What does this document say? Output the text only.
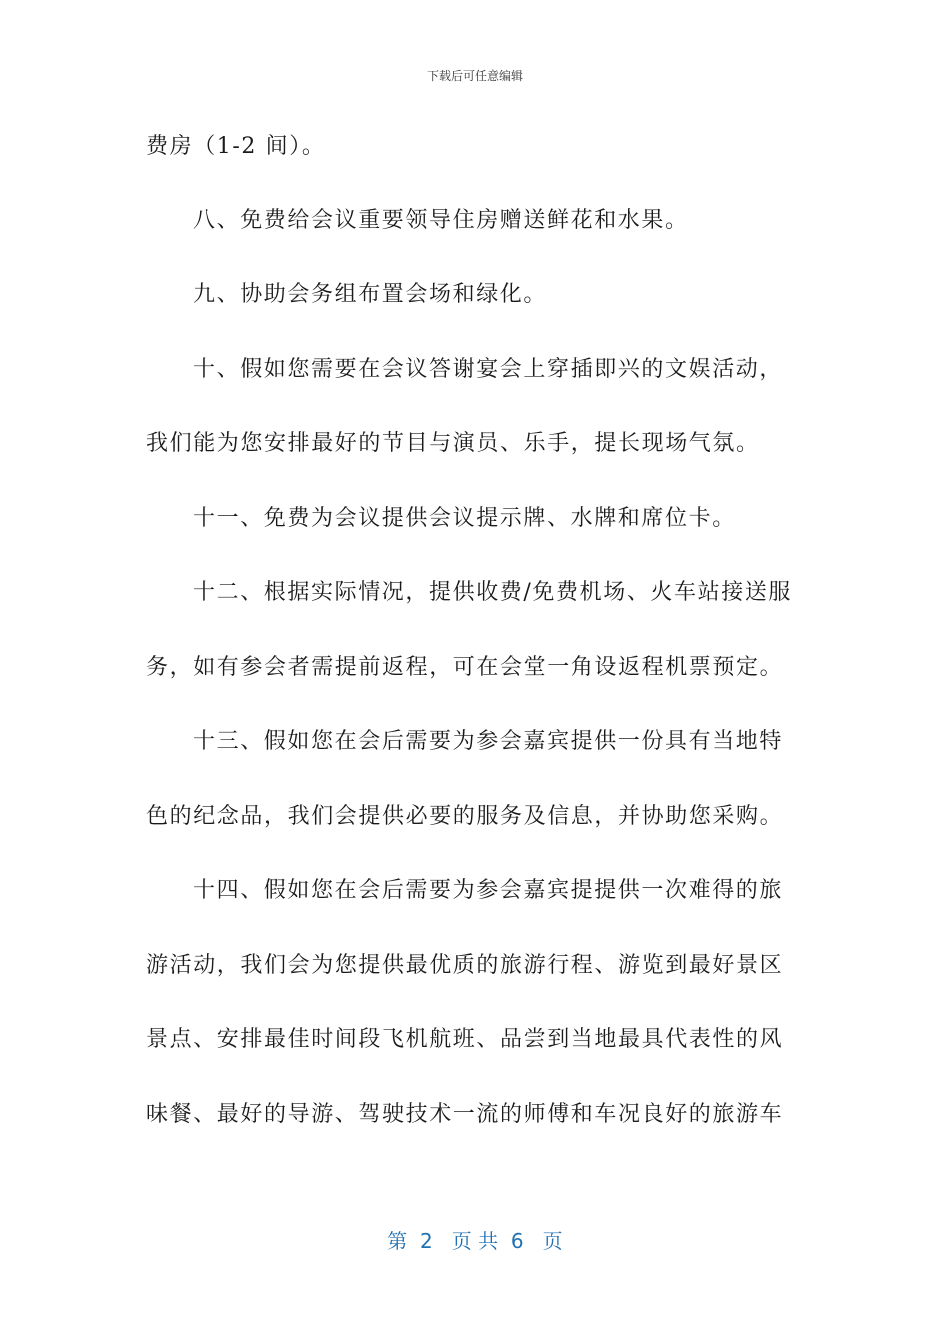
下载后可任意编辑
费房（1-2 间）。
八、免费给会议重要领导住房赠送鲜花和水果。
九、协助会务组布置会场和绿化。
十、假如您需要在会议答谢宴会上穿插即兴的文娱活动，
我们能为您安排最好的节目与演员、乐手，提长现场气氛。
十一、免费为会议提供会议提示牌、水牌和席位卡。
十二、根据实际情况，提供收费/免费机场、火车站接送服
务，如有参会者需提前返程，可在会堂一角设返程机票预定。
十三、假如您在会后需要为参会嘉宾提供一份具有当地特
色的纪念品，我们会提供必要的服务及信息，并协助您采购。
十四、假如您在会后需要为参会嘉宾提提供一次难得的旅
游活动，我们会为您提供最优质的旅游行程、游览到最好景区
景点、安排最佳时间段飞机航班、品尝到当地最具代表性的风
味餐、最好的导游、驾驶技术一流的师傅和车况良好的旅游车
第  2   页 共  6   页
